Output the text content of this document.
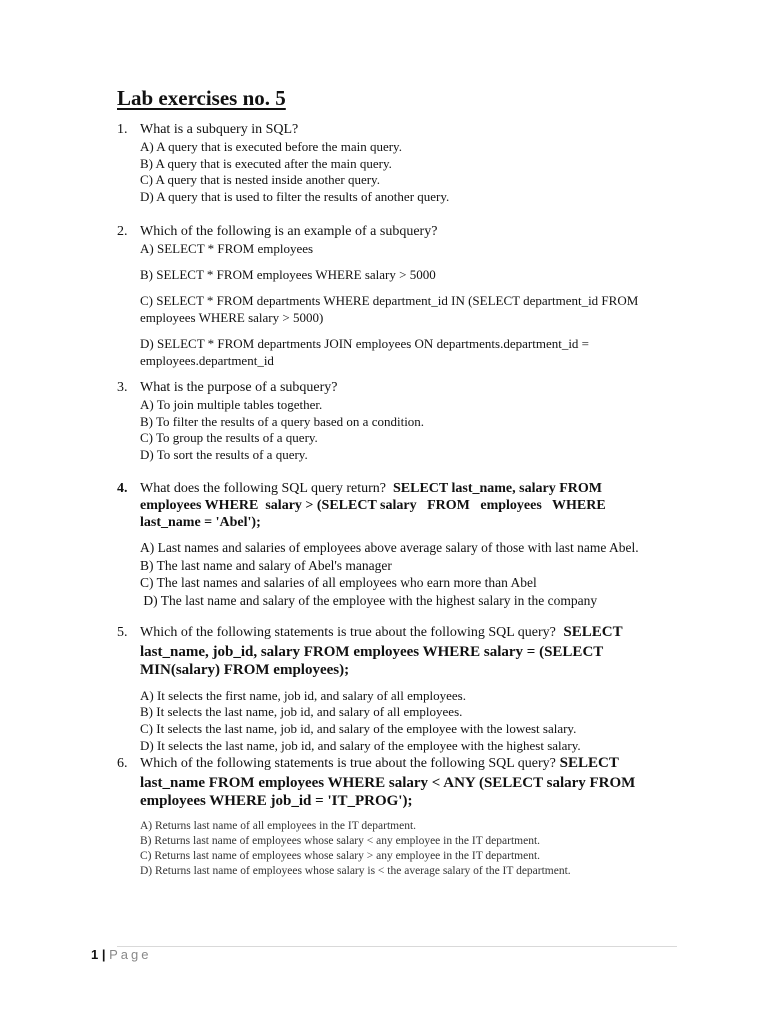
Lab exercises no. 5
1. What is a subquery in SQL?
A) A query that is executed before the main query.
B) A query that is executed after the main query.
C) A query that is nested inside another query.
D) A query that is used to filter the results of another query.
2. Which of the following is an example of a subquery?
A) SELECT * FROM employees
B) SELECT * FROM employees WHERE salary > 5000
C) SELECT * FROM departments WHERE department_id IN (SELECT department_id FROM employees WHERE salary > 5000)
D) SELECT * FROM departments JOIN employees ON departments.department_id = employees.department_id
3. What is the purpose of a subquery?
A) To join multiple tables together.
B) To filter the results of a query based on a condition.
C) To group the results of a query.
D) To sort the results of a query.
4. What does the following SQL query return? SELECT last_name, salary FROM
employees WHERE  salary > (SELECT salary   FROM   employees   WHERE
last_name = 'Abel');
A) Last names and salaries of employees above average salary of those with last name Abel.
B) The last name and salary of Abel's manager
C) The last names and salaries of all employees who earn more than Abel
D) The last name and salary of the employee with the highest salary in the company
5. Which of the following statements is true about the following SQL query? SELECT
last_name, job_id, salary FROM employees WHERE salary = (SELECT
MIN(salary) FROM employees);
A) It selects the first name, job id, and salary of all employees.
B) It selects the last name, job id, and salary of all employees.
C) It selects the last name, job id, and salary of the employee with the lowest salary.
D) It selects the last name, job id, and salary of the employee with the highest salary.
6. Which of the following statements is true about the following SQL query? SELECT
last_name FROM employees WHERE salary < ANY (SELECT salary FROM
employees WHERE job_id = 'IT_PROG');
A) Returns last name of all employees in the IT department.
B) Returns last name of employees whose salary < any employee in the IT department.
C) Returns last name of employees whose salary > any employee in the IT department.
D) Returns last name of employees whose salary is < the average salary of the IT department.
1 | Page
